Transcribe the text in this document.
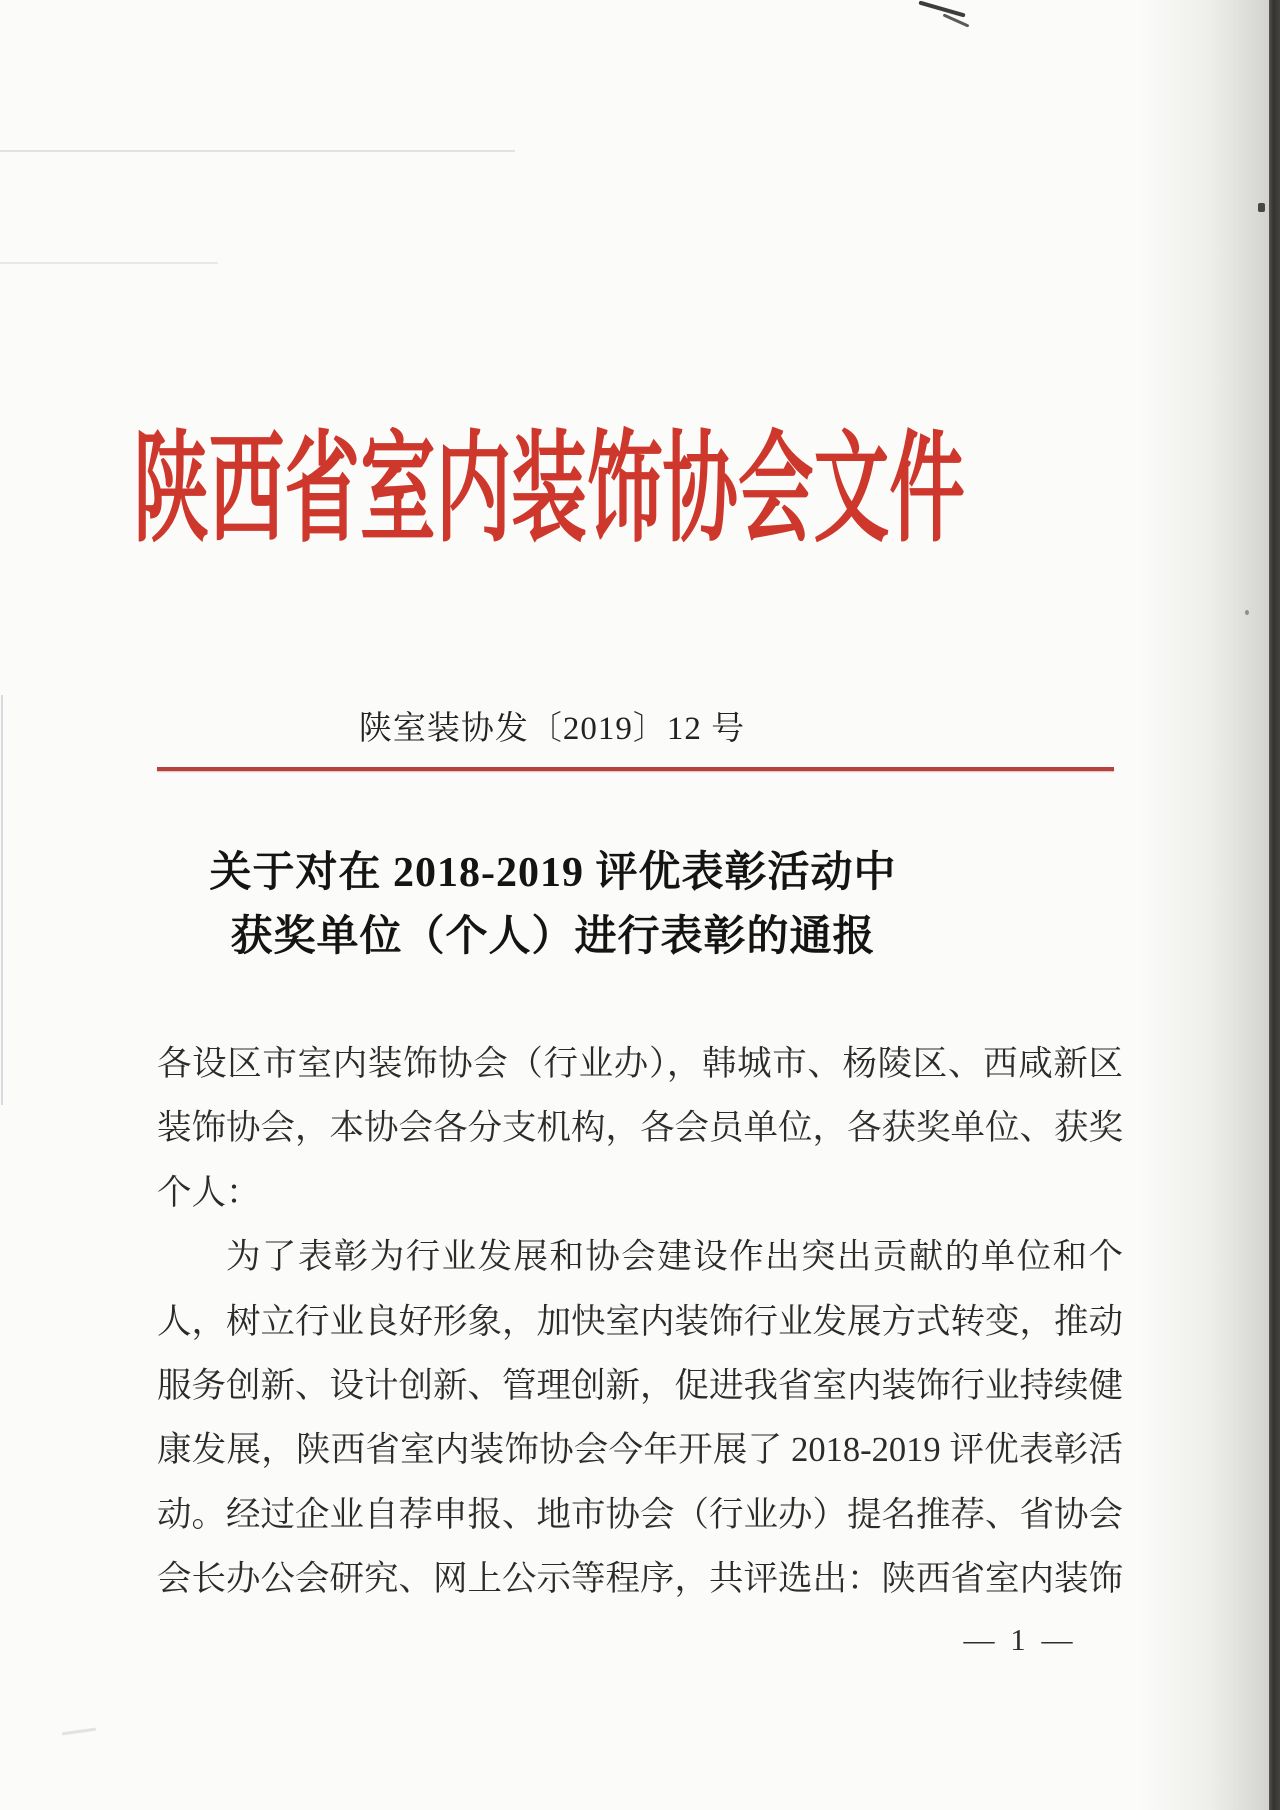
陕西省室内装饰协会文件
陕室装协发〔2019〕12 号
关于对在 2018-2019 评优表彰活动中
获奖单位（个人）进行表彰的通报
各设区市室内装饰协会（行业办），韩城市、杨陵区、西咸新区
装饰协会，本协会各分支机构，各会员单位，各获奖单位、获奖
个人：
为了表彰为行业发展和协会建设作出突出贡献的单位和个
人，树立行业良好形象，加快室内装饰行业发展方式转变，推动
服务创新、设计创新、管理创新，促进我省室内装饰行业持续健
康发展，陕西省室内装饰协会今年开展了 2018-2019 评优表彰活
动。经过企业自荐申报、地市协会（行业办）提名推荐、省协会
会长办公会研究、网上公示等程序，共评选出：陕西省室内装饰
— 1 —
